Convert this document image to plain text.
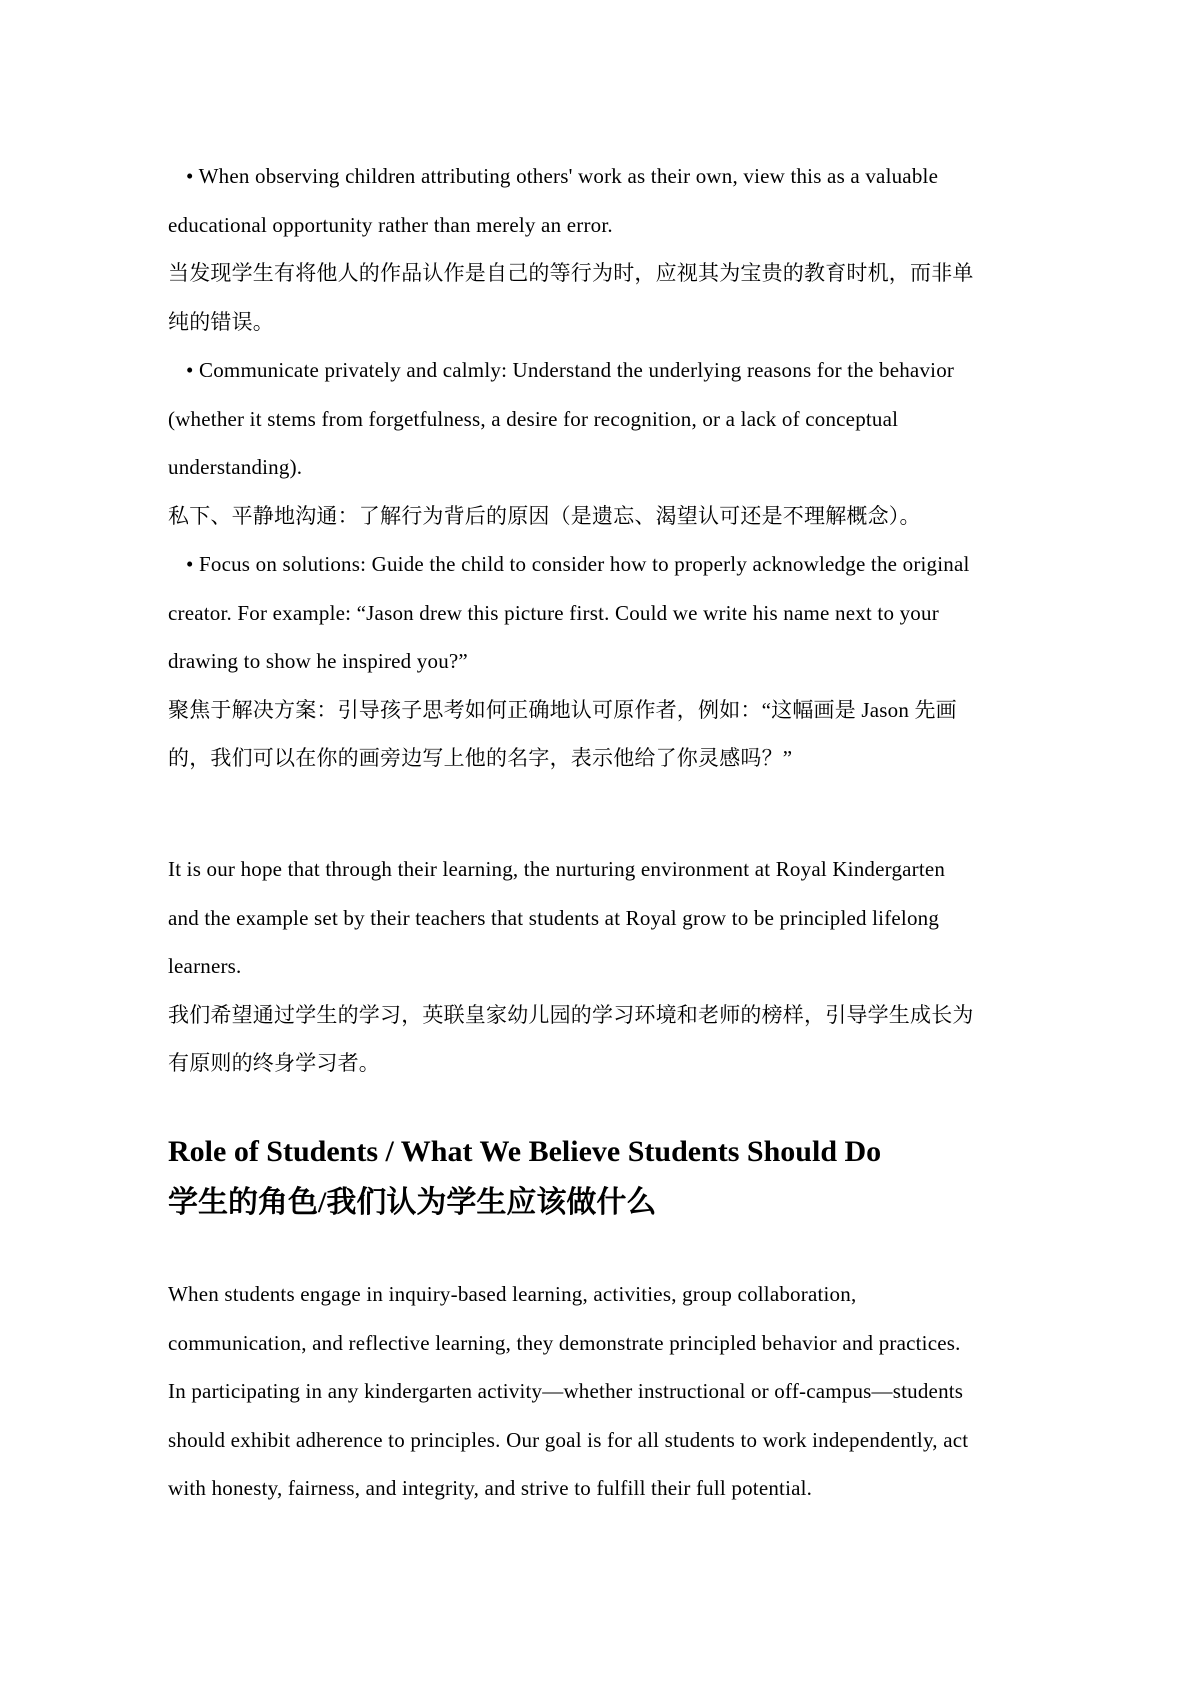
• When observing children attributing others' work as their own, view this as a valuable
educational opportunity rather than merely an error.
当发现学生有将他人的作品认作是自己的等行为时，应视其为宝贵的教育时机，而非单
纯的错误。
• Communicate privately and calmly: Understand the underlying reasons for the behavior
(whether it stems from forgetfulness, a desire for recognition, or a lack of conceptual
understanding).
私下、平静地沟通：了解行为背后的原因（是遗忘、渴望认可还是不理解概念）。
• Focus on solutions: Guide the child to consider how to properly acknowledge the original
creator. For example: “Jason drew this picture first. Could we write his name next to your
drawing to show he inspired you?”
聚焦于解决方案：引导孩子思考如何正确地认可原作者，例如：“这幅画是 Jason 先画
的，我们可以在你的画旁边写上他的名字，表示他给了你灵感吗？”
It is our hope that through their learning, the nurturing environment at Royal Kindergarten
and the example set by their teachers that students at Royal grow to be principled lifelong
learners.
我们希望通过学生的学习，英联皇家幼儿园的学习环境和老师的榜样，引导学生成长为
有原则的终身学习者。
Role of Students / What We Believe Students Should Do
学生的角色/我们认为学生应该做什么
When students engage in inquiry-based learning, activities, group collaboration,
communication, and reflective learning, they demonstrate principled behavior and practices.
In participating in any kindergarten activity—whether instructional or off-campus—students
should exhibit adherence to principles. Our goal is for all students to work independently, act
with honesty, fairness, and integrity, and strive to fulfill their full potential.
